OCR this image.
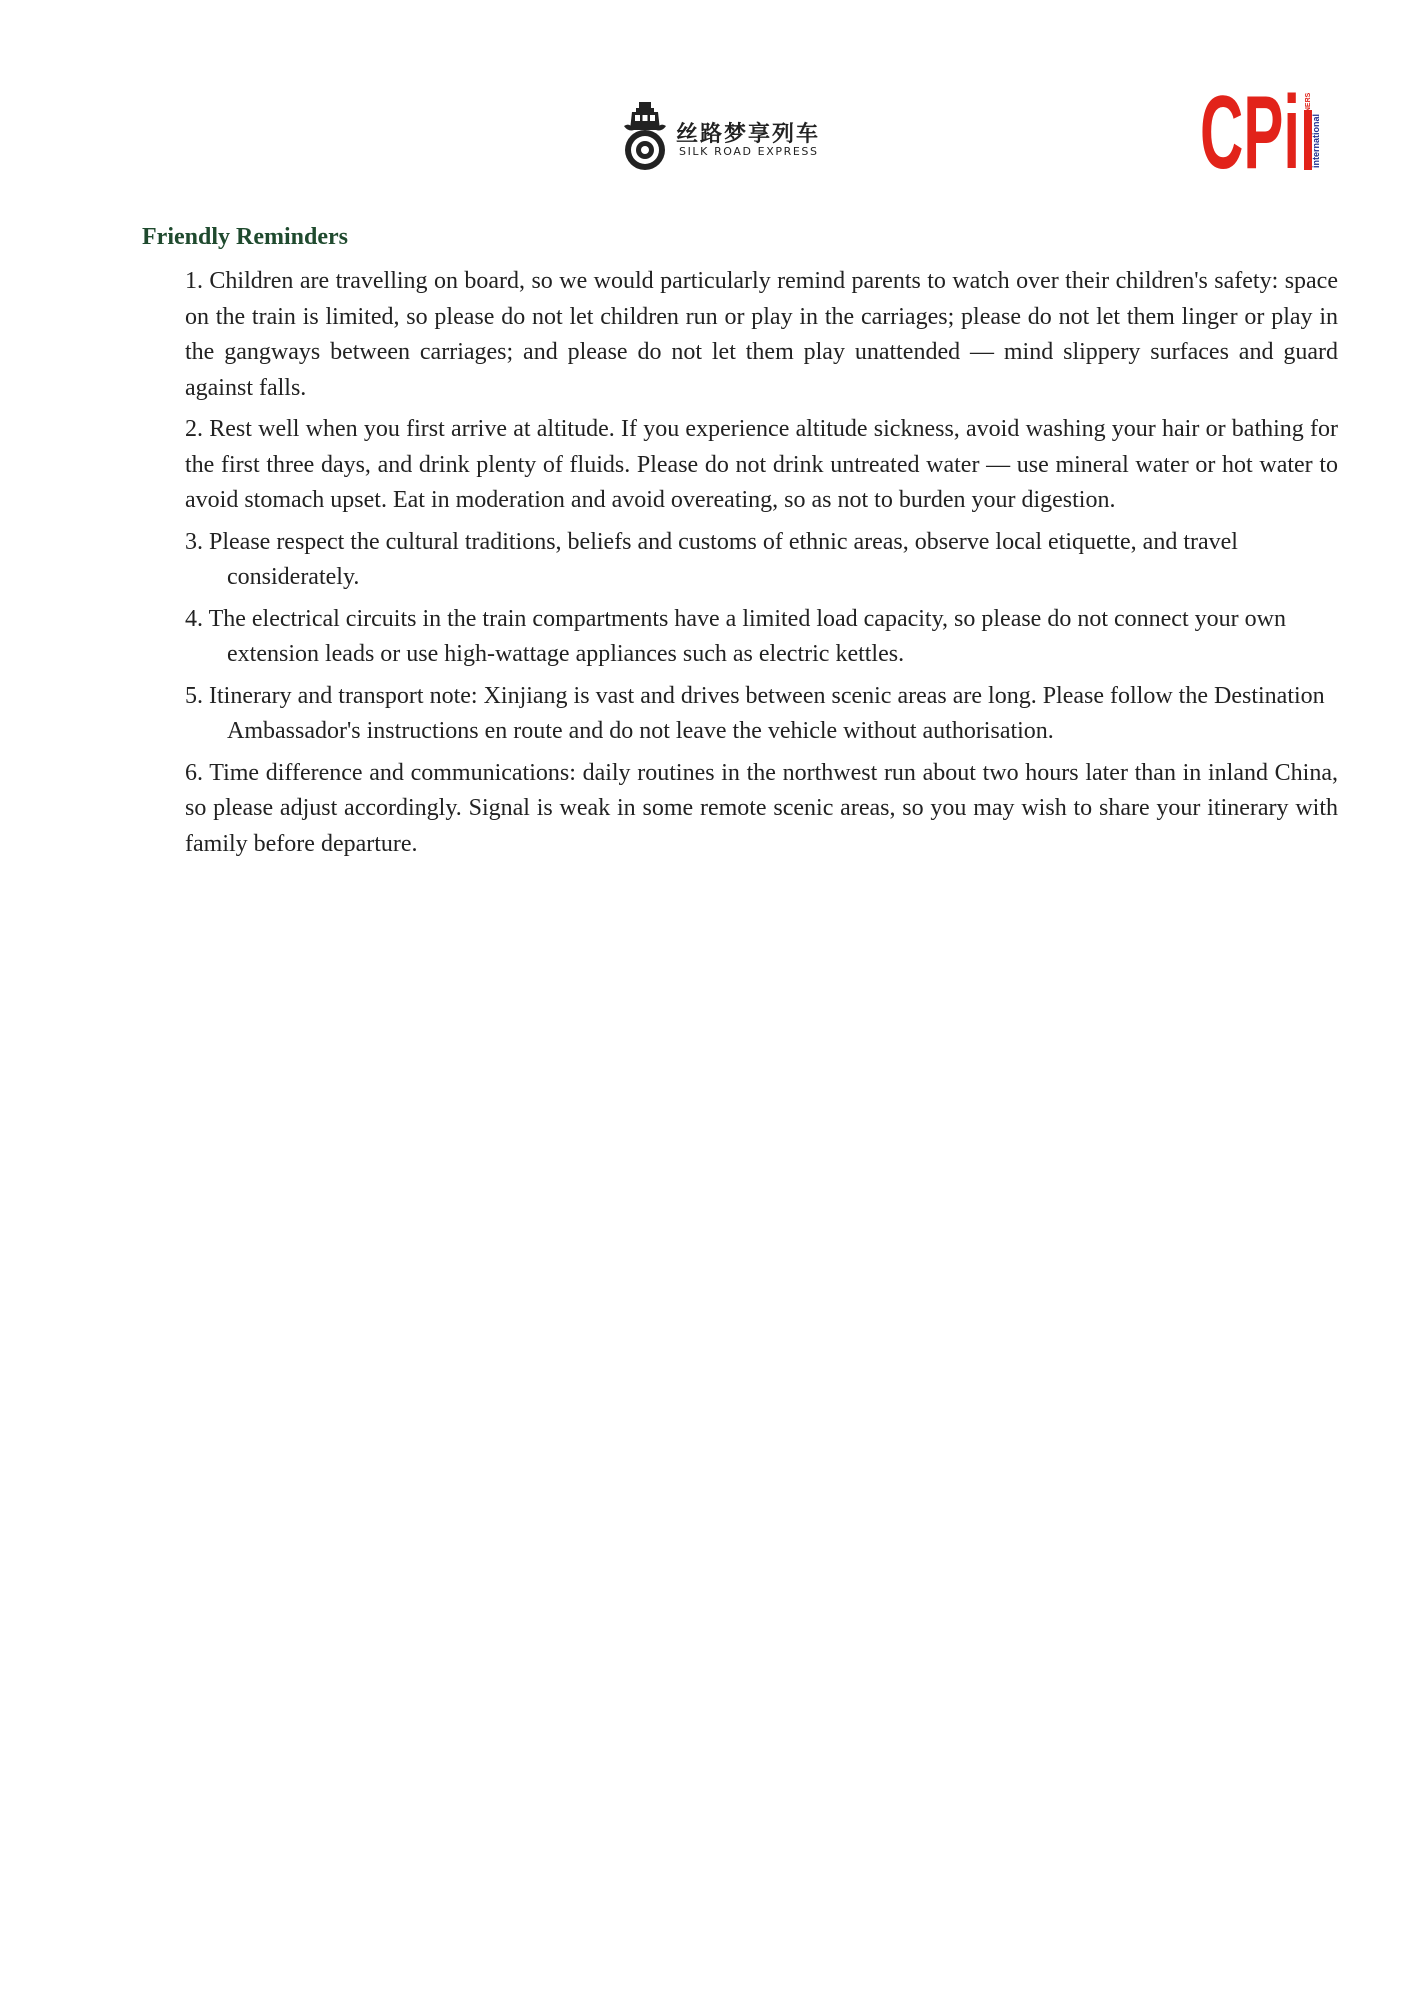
丝路梦享列车
SILK ROAD EXPRESS	CPi CREATIVE PLANNERS international
Friendly Reminders
1. Children are travelling on board, so we would particularly remind parents to watch over their children's safety: space on the train is limited, so please do not let children run or play in the carriages; please do not let them linger or play in the gangways between carriages; and please do not let them play unattended — mind slippery surfaces and guard against falls.
2. Rest well when you first arrive at altitude. If you experience altitude sickness, avoid washing your hair or bathing for the first three days, and drink plenty of fluids. Please do not drink untreated water — use mineral water or hot water to avoid stomach upset. Eat in moderation and avoid overeating, so as not to burden your digestion.
3. Please respect the cultural traditions, beliefs and customs of ethnic areas, observe local etiquette, and travel considerately.
4. The electrical circuits in the train compartments have a limited load capacity, so please do not connect your own extension leads or use high-wattage appliances such as electric kettles.
5. Itinerary and transport note: Xinjiang is vast and drives between scenic areas are long. Please follow the Destination Ambassador's instructions en route and do not leave the vehicle without authorisation.
6. Time difference and communications: daily routines in the northwest run about two hours later than in inland China, so please adjust accordingly. Signal is weak in some remote scenic areas, so you may wish to share your itinerary with family before departure.
